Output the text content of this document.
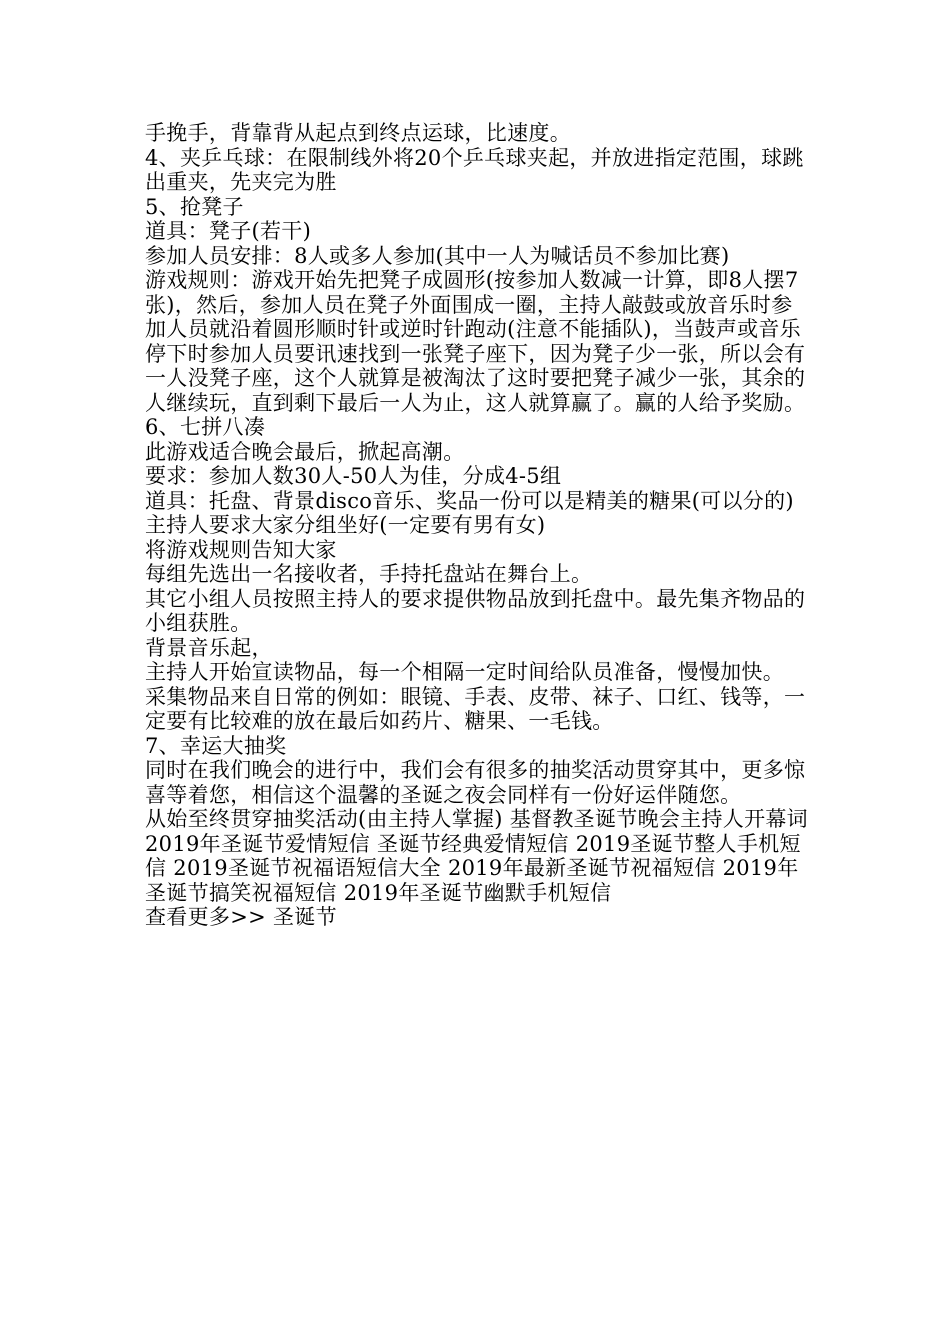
手挽手，背靠背从起点到终点运球，比速度。

4、夹乒乓球：在限制线外将20个乒乓球夹起，并放进指定范围，球跳出重夹，先夹完为胜

5、抢凳子

道具：凳子(若干)

参加人员安排：8人或多人参加(其中一人为喊话员不参加比赛)

游戏规则：游戏开始先把凳子成圆形(按参加人数减一计算，即8人摆7张)，然后，参加人员在凳子外面围成一圈，主持人敲鼓或放音乐时参加人员就沿着圆形顺时针或逆时针跑动(注意不能插队)，当鼓声或音乐停下时参加人员要讯速找到一张凳子座下，因为凳子少一张，所以会有一人没凳子座，这个人就算是被淘汰了这时要把凳子减少一张，其余的人继续玩，直到剩下最后一人为止，这人就算赢了。赢的人给予奖励。

6、七拼八凑

此游戏适合晚会最后，掀起高潮。

要求：参加人数30人-50人为佳，分成4-5组

道具：托盘、背景disco音乐、奖品一份可以是精美的糖果(可以分的)

主持人要求大家分组坐好(一定要有男有女)

将游戏规则告知大家

每组先选出一名接收者，手持托盘站在舞台上。

其它小组人员按照主持人的要求提供物品放到托盘中。最先集齐物品的小组获胜。

背景音乐起，

主持人开始宣读物品，每一个相隔一定时间给队员准备，慢慢加快。

采集物品来自日常的例如：眼镜、手表、皮带、袜子、口红、钱等，一定要有比较难的放在最后如药片、糖果、一毛钱。

7、幸运大抽奖

同时在我们晚会的进行中，我们会有很多的抽奖活动贯穿其中，更多惊喜等着您，相信这个温馨的圣诞之夜会同样有一份好运伴随您。

从始至终贯穿抽奖活动(由主持人掌握) 基督教圣诞节晚会主持人开幕词 2019年圣诞节爱情短信 圣诞节经典爱情短信 2019圣诞节整人手机短信 2019圣诞节祝福语短信大全 2019年最新圣诞节祝福短信 2019年圣诞节搞笑祝福短信 2019年圣诞节幽默手机短信

查看更多>> 圣诞节
